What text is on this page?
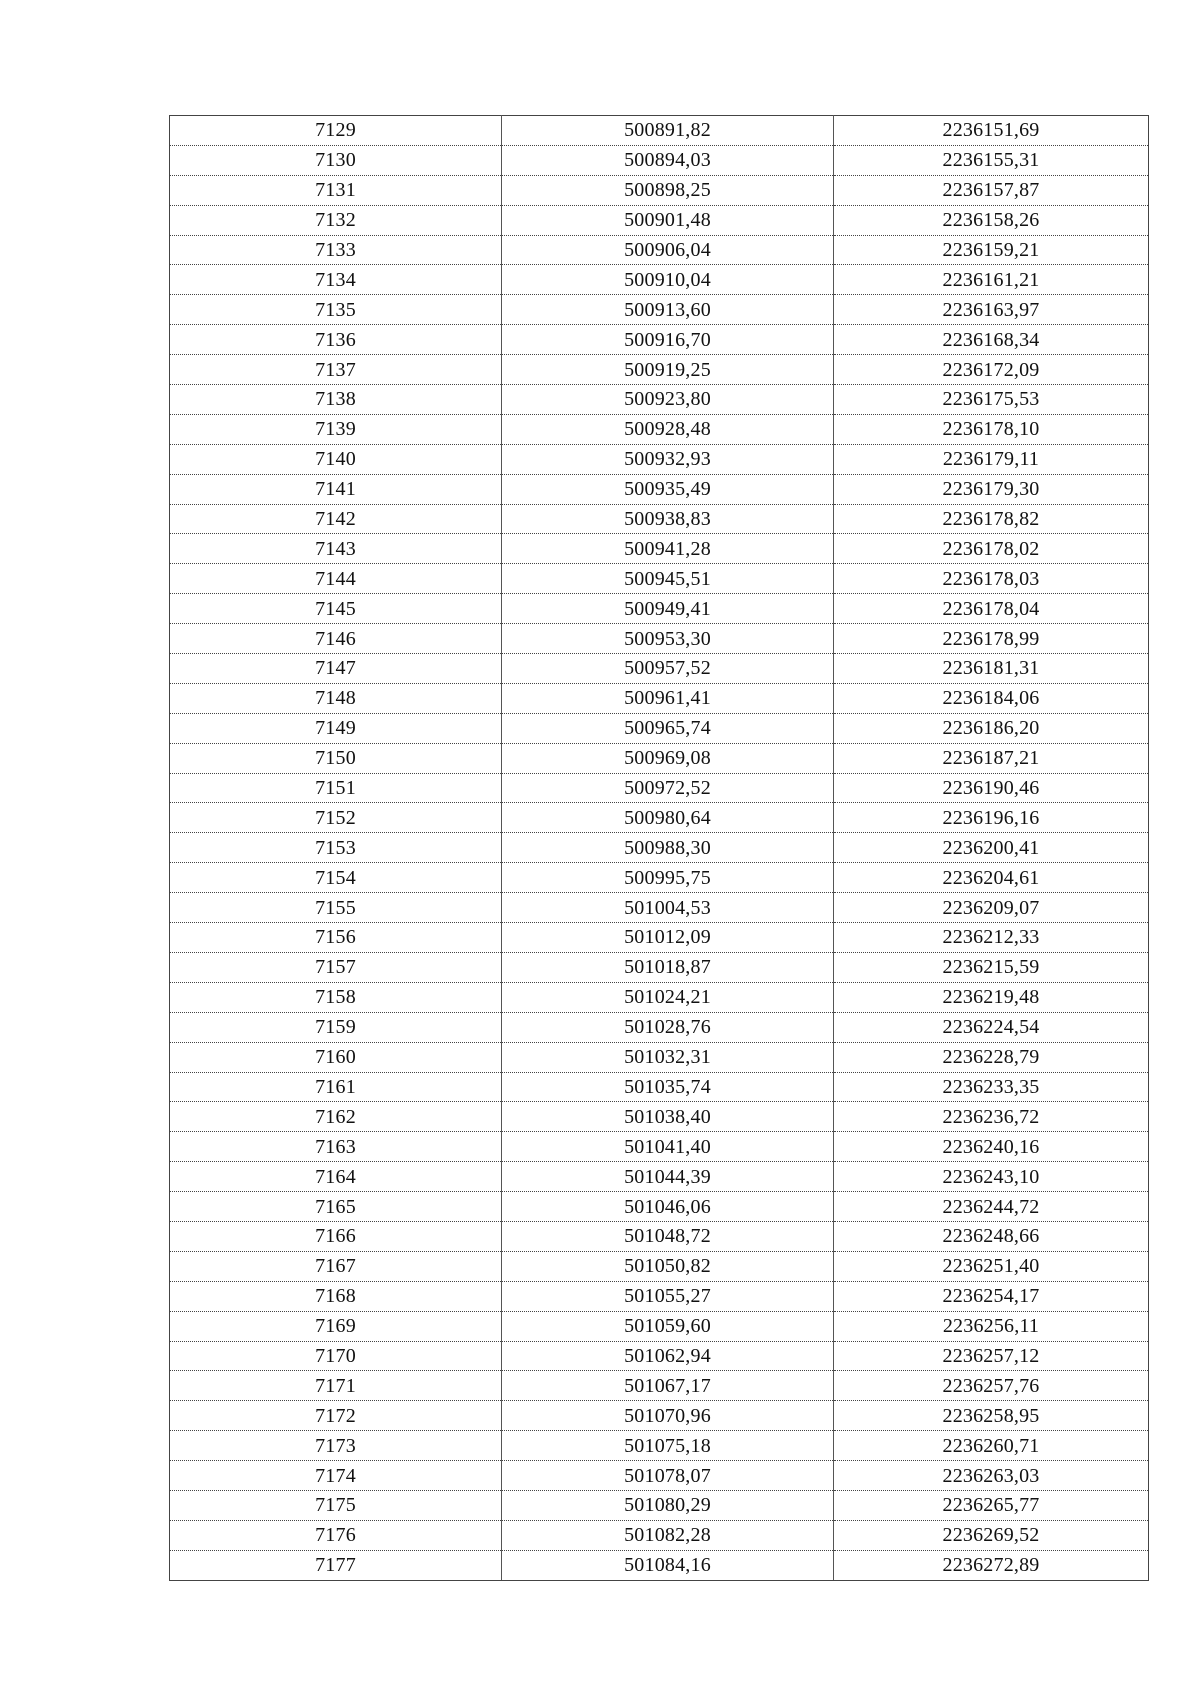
7129	500891,82	2236151,69
7130	500894,03	2236155,31
7131	500898,25	2236157,87
7132	500901,48	2236158,26
7133	500906,04	2236159,21
7134	500910,04	2236161,21
7135	500913,60	2236163,97
7136	500916,70	2236168,34
7137	500919,25	2236172,09
7138	500923,80	2236175,53
7139	500928,48	2236178,10
7140	500932,93	2236179,11
7141	500935,49	2236179,30
7142	500938,83	2236178,82
7143	500941,28	2236178,02
7144	500945,51	2236178,03
7145	500949,41	2236178,04
7146	500953,30	2236178,99
7147	500957,52	2236181,31
7148	500961,41	2236184,06
7149	500965,74	2236186,20
7150	500969,08	2236187,21
7151	500972,52	2236190,46
7152	500980,64	2236196,16
7153	500988,30	2236200,41
7154	500995,75	2236204,61
7155	501004,53	2236209,07
7156	501012,09	2236212,33
7157	501018,87	2236215,59
7158	501024,21	2236219,48
7159	501028,76	2236224,54
7160	501032,31	2236228,79
7161	501035,74	2236233,35
7162	501038,40	2236236,72
7163	501041,40	2236240,16
7164	501044,39	2236243,10
7165	501046,06	2236244,72
7166	501048,72	2236248,66
7167	501050,82	2236251,40
7168	501055,27	2236254,17
7169	501059,60	2236256,11
7170	501062,94	2236257,12
7171	501067,17	2236257,76
7172	501070,96	2236258,95
7173	501075,18	2236260,71
7174	501078,07	2236263,03
7175	501080,29	2236265,77
7176	501082,28	2236269,52
7177	501084,16	2236272,89
